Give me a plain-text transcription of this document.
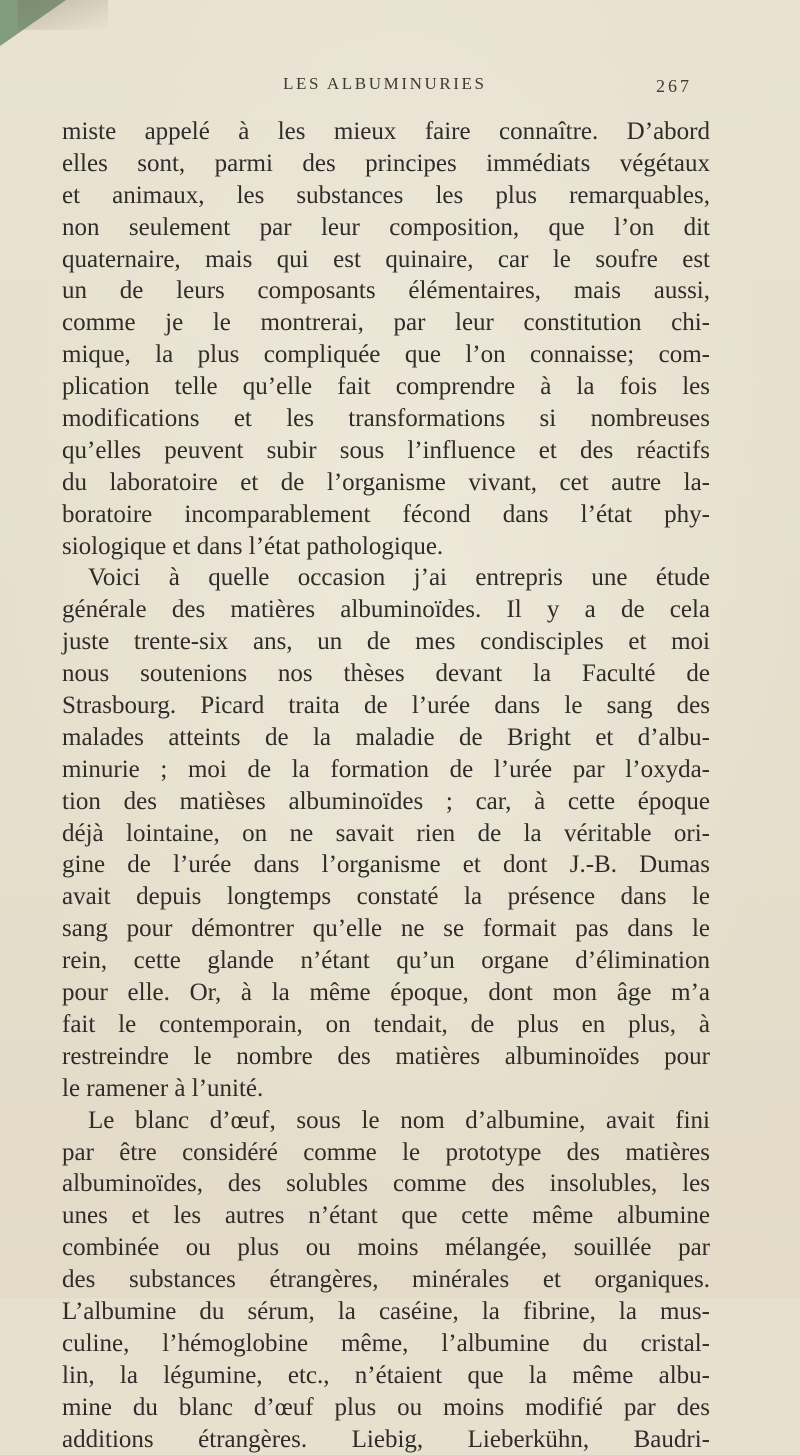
LES ALBUMINURIES	267
miste appelé à les mieux faire connaître. D’abord
elles sont, parmi des principes immédiats végétaux
et animaux, les substances les plus remarquables,
non seulement par leur composition, que l’on dit
quaternaire, mais qui est quinaire, car le soufre est
un de leurs composants élémentaires, mais aussi,
comme je le montrerai, par leur constitution chi-
mique, la plus compliquée que l’on connaisse; com-
plication telle qu’elle fait comprendre à la fois les
modifications et les transformations si nombreuses
qu’elles peuvent subir sous l’influence et des réactifs
du laboratoire et de l’organisme vivant, cet autre la-
boratoire incomparablement fécond dans l’état phy-
siologique et dans l’état pathologique.
Voici à quelle occasion j’ai entrepris une étude
générale des matières albuminoïdes. Il y a de cela
juste trente-six ans, un de mes condisciples et moi
nous soutenions nos thèses devant la Faculté de
Strasbourg. Picard traita de l’urée dans le sang des
malades atteints de la maladie de Bright et d’albu-
minurie ; moi de la formation de l’urée par l’oxyda-
tion des matièses albuminoïdes ; car, à cette époque
déjà lointaine, on ne savait rien de la véritable ori-
gine de l’urée dans l’organisme et dont J.-B. Dumas
avait depuis longtemps constaté la présence dans le
sang pour démontrer qu’elle ne se formait pas dans le
rein, cette glande n’étant qu’un organe d’élimination
pour elle. Or, à la même époque, dont mon âge m’a
fait le contemporain, on tendait, de plus en plus, à
restreindre le nombre des matières albuminoïdes pour
le ramener à l’unité.
Le blanc d’œuf, sous le nom d’albumine, avait fini
par être considéré comme le prototype des matières
albuminoïdes, des solubles comme des insolubles, les
unes et les autres n’étant que cette même albumine
combinée ou plus ou moins mélangée, souillée par
des substances étrangères, minérales et organiques.
L’albumine du sérum, la caséine, la fibrine, la mus-
culine, l’hémoglobine même, l’albumine du cristal-
lin, la légumine, etc., n’étaient que la même albu-
mine du blanc d’œuf plus ou moins modifié par des
additions étrangères. Liebig, Lieberkühn, Baudri-
